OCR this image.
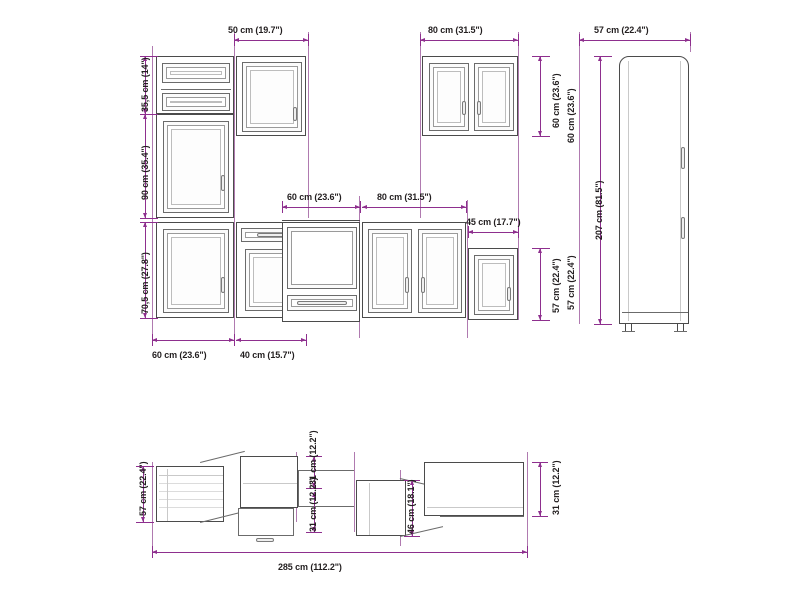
50 cm (19.7")	80 cm (31.5")	57 cm (22.4")
35,5 cm (14")
90 cm (35.4")
70,5 cm (27.8")
60 cm (23.6") 60 cm (23.6")
207 cm (81.5")
60 cm (23.6")	80 cm (31.5")
45 cm (17.7")
57 cm (22.4") 57 cm (22.4")
60 cm (23.6")	40 cm (15.7")
57 cm (22.4")
31 cm (12.2")
31 cm (12.2")	46 cm (18.1")	31 cm (12.2")
285 cm (112.2")
